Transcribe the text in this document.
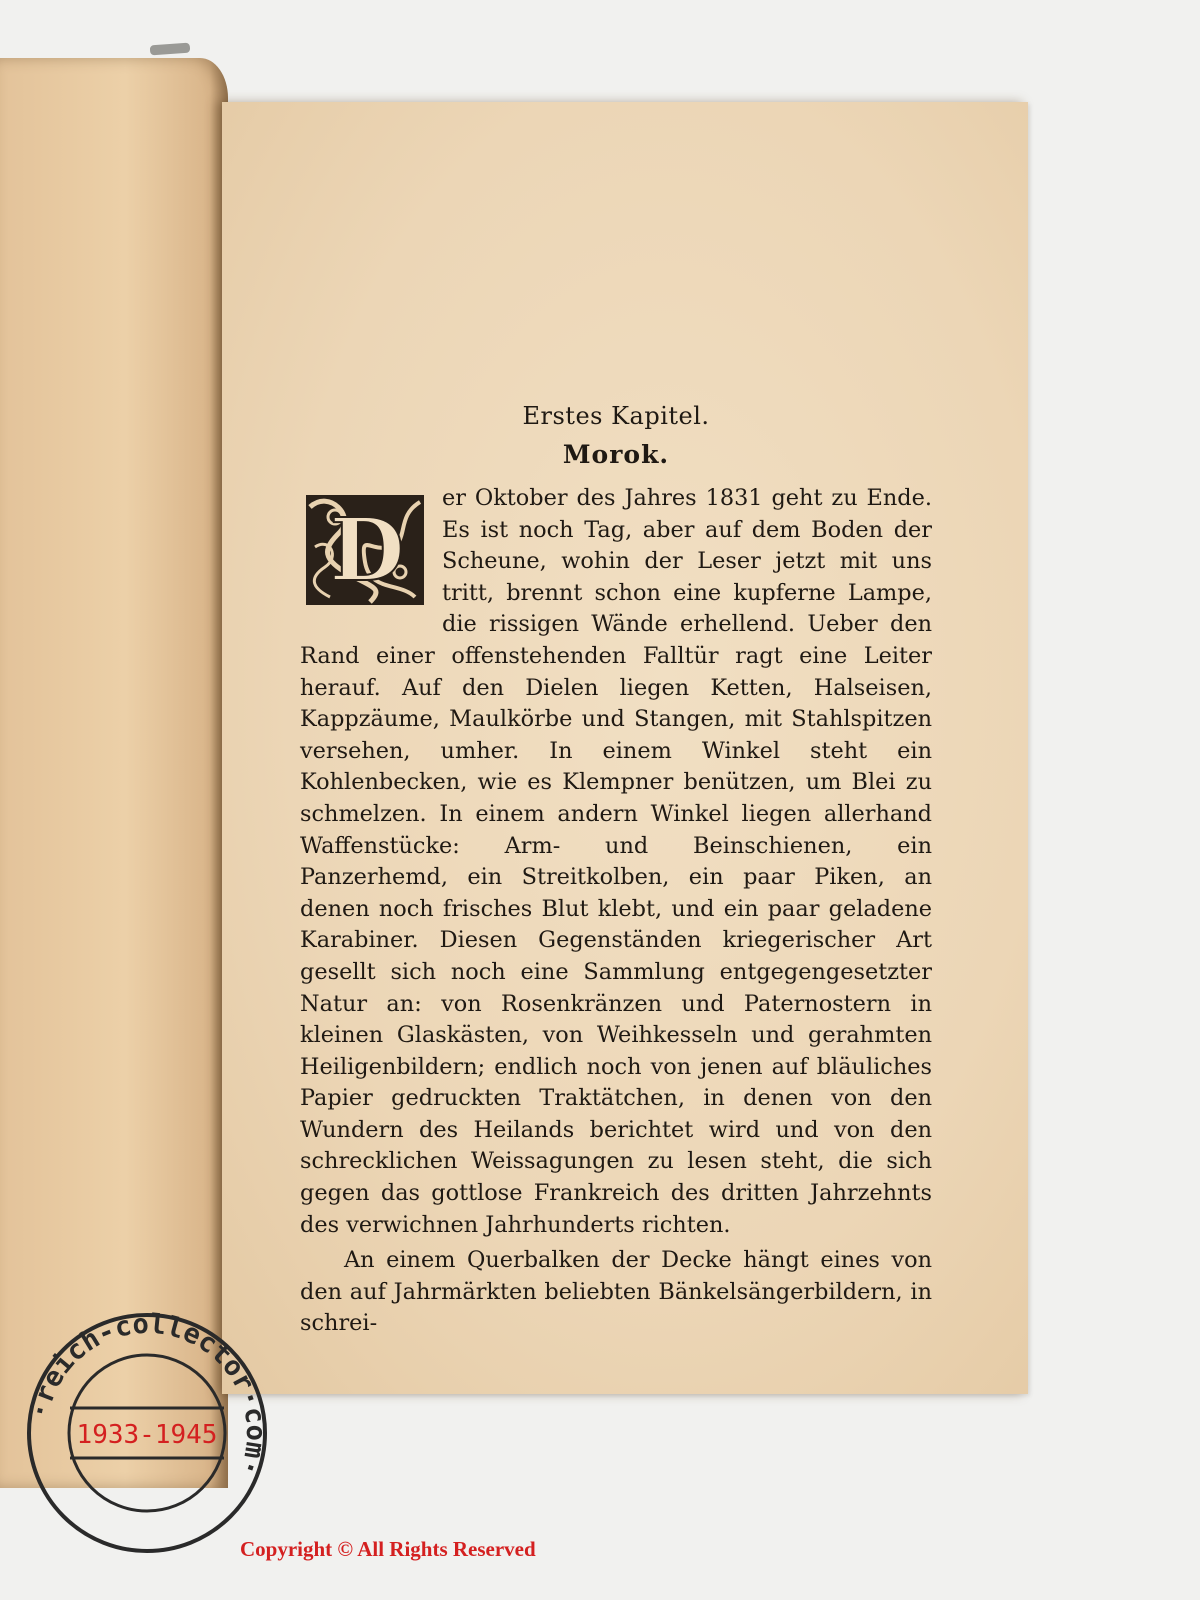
Erstes Kapitel.
Morok.

D
er Oktober des Jahres 1831 geht zu Ende. Es ist noch Tag, aber auf dem Boden der Scheune, wohin der Leser jetzt mit uns tritt, brennt schon eine kupferne Lampe, die rissigen Wände erhellend. Ueber den Rand einer offenstehenden Falltür ragt eine Leiter herauf. Auf den Dielen liegen Ketten, Halseisen, Kappzäume, Maulkörbe und Stangen, mit Stahlspitzen versehen, umher. In einem Winkel steht ein Kohlenbecken, wie es Klempner benützen, um Blei zu schmelzen. In einem andern Winkel liegen allerhand Waffenstücke: Arm- und Beinschienen, ein Panzerhemd, ein Streitkolben, ein paar Piken, an denen noch frisches Blut klebt, und ein paar geladene Karabiner. Diesen Gegenständen kriegerischer Art gesellt sich noch eine Sammlung entgegengesetzter Natur an: von Rosenkränzen und Paternostern in kleinen Glaskästen, von Weihkesseln und gerahmten Heiligenbildern; endlich noch von jenen auf bläuliches Papier gedruckten Traktätchen, in denen von den Wundern des Heilands berichtet wird und von den schrecklichen Weissagungen zu lesen steht, die sich gegen das gottlose Frankreich des dritten Jahrzehnts des verwichnen Jahrhunderts richten.

An einem Querbalken der Decke hängt eines von den auf Jahrmärkten beliebten Bänkelsängerbildern, in schrei-

·reich-collector·com·
1933-1945
Copyright © All Rights Reserved
